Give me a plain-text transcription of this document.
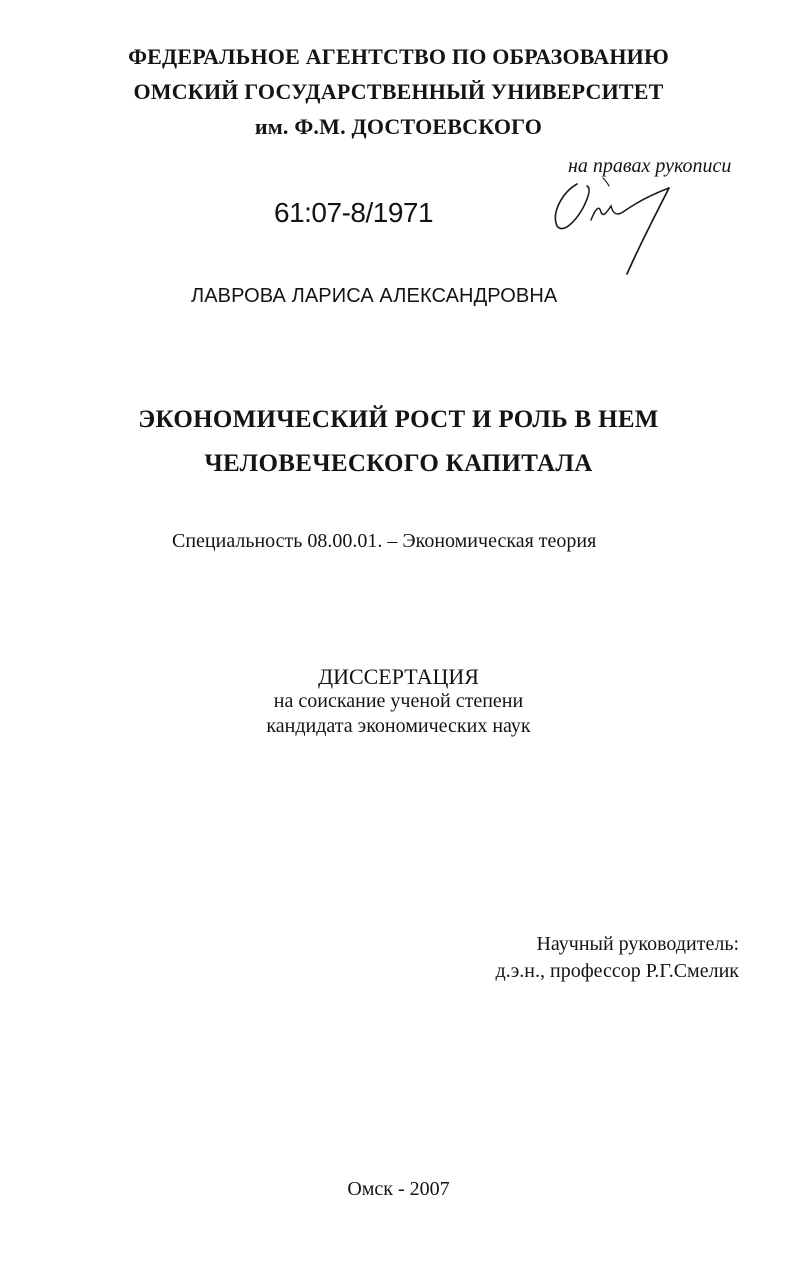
ФЕДЕРАЛЬНОЕ АГЕНТСТВО ПО ОБРАЗОВАНИЮ
ОМСКИЙ ГОСУДАРСТВЕННЫЙ УНИВЕРСИТЕТ
им. Ф.М. ДОСТОЕВСКОГО
на правах рукописи
61:07-8/1971
ЛАВРОВА ЛАРИСА АЛЕКСАНДРОВНА
ЭКОНОМИЧЕСКИЙ РОСТ И РОЛЬ В НЕМ
ЧЕЛОВЕЧЕСКОГО КАПИТАЛА
Специальность 08.00.01. – Экономическая теория
ДИССЕРТАЦИЯ
на соискание ученой степени
кандидата экономических наук
Научный руководитель:
д.э.н., профессор Р.Г.Смелик
Омск - 2007
